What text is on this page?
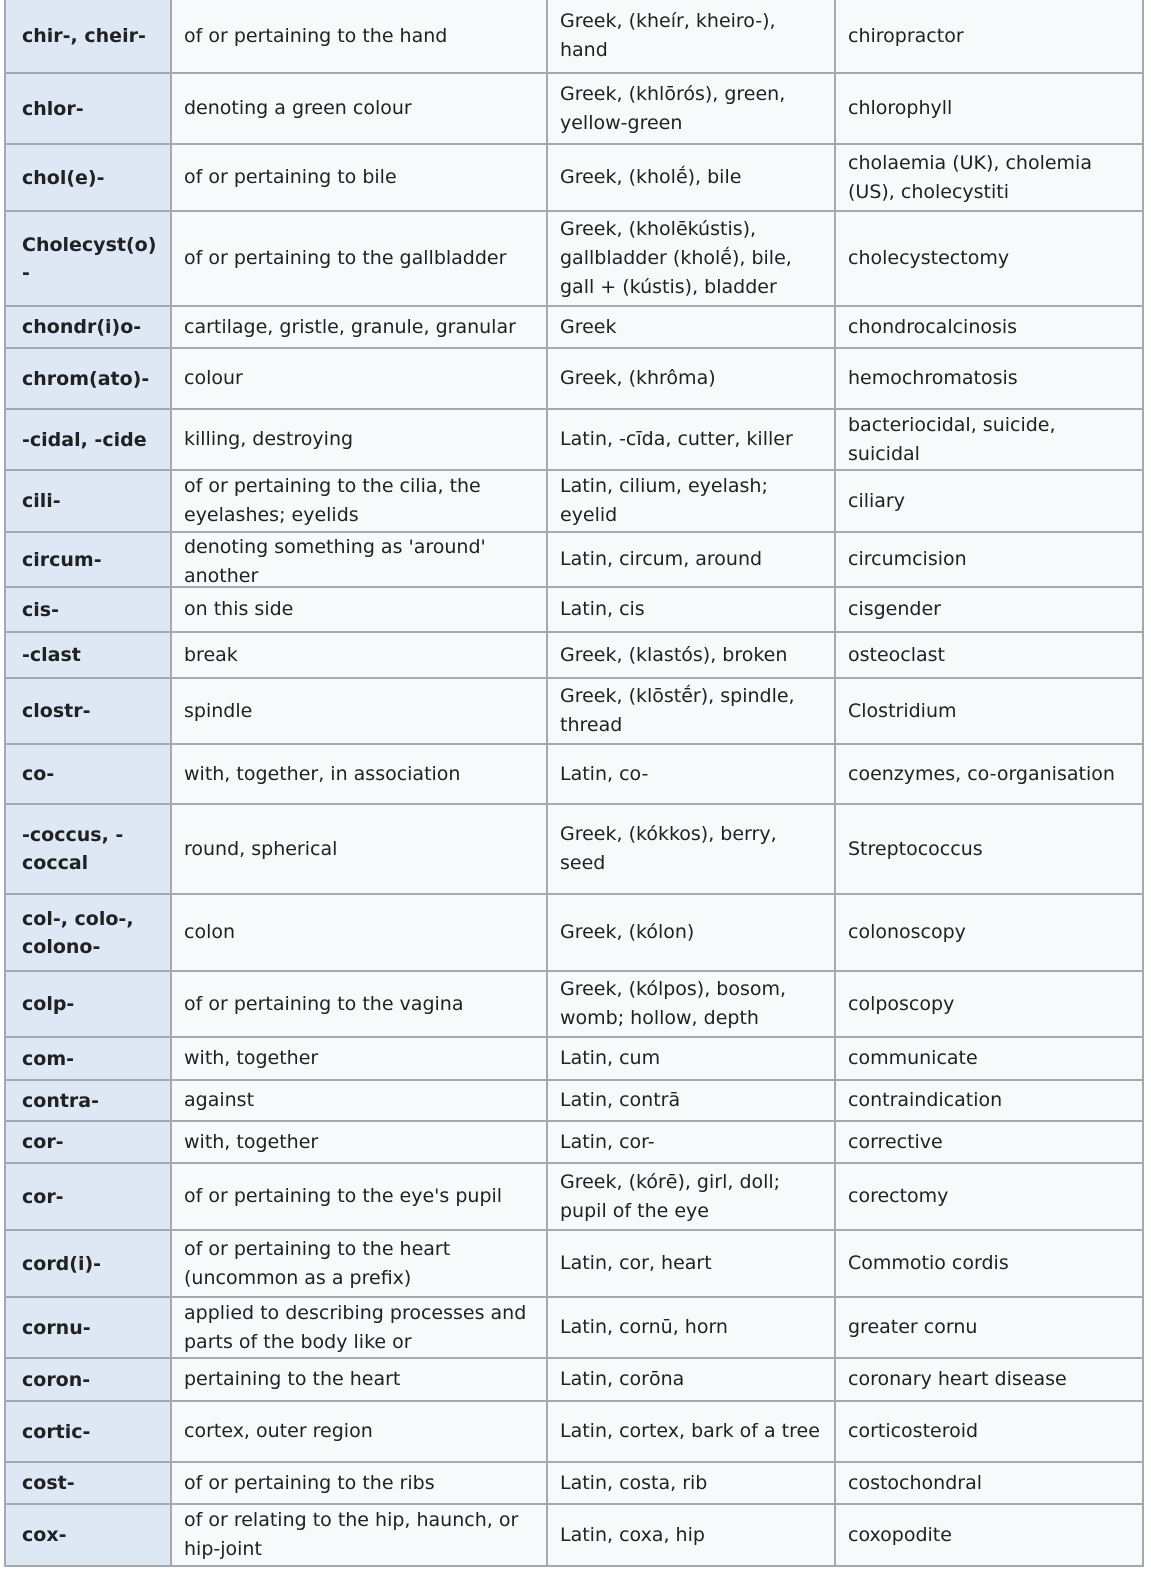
chir-, cheir-	of or pertaining to the hand	Greek, (kheír, kheiro-), hand	chiropractor

chlor-	denoting a green colour	Greek, (khlōrós), green, yellow-green	chlorophyll

chol(e)-	of or pertaining to bile	Greek, (kholḗ), bile	cholaemia (UK), cholemia (US), cholecystiti

Cholecyst(o)-	of or pertaining to the gallbladder	Greek, (kholēkústis), gallbladder (kholḗ), bile, gall + (kústis), bladder	cholecystectomy

chondr(i)o-	cartilage, gristle, granule, granular	Greek	chondrocalcinosis

chrom(ato)-	colour	Greek, (khrôma)	hemochromatosis

-cidal, -cide	killing, destroying	Latin, -cīda, cutter, killer	bacteriocidal, suicide, suicidal

cili-	of or pertaining to the cilia, the eyelashes; eyelids	Latin, cilium, eyelash; eyelid	ciliary

circum-	denoting something as 'around' another	Latin, circum, around	circumcision

cis-	on this side	Latin, cis	cisgender

-clast	break	Greek, (klastós), broken	osteoclast

clostr-	spindle	Greek, (klōstḗr), spindle, thread	Clostridium

co-	with, together, in association	Latin, co-	coenzymes, co-organisation

-coccus, -coccal	round, spherical	Greek, (kókkos), berry, seed	Streptococcus

col-, colo-, colono-	colon	Greek, (kólon)	colonoscopy

colp-	of or pertaining to the vagina	Greek, (kólpos), bosom, womb; hollow, depth	colposcopy

com-	with, together	Latin, cum	communicate

contra-	against	Latin, contrā	contraindication

cor-	with, together	Latin, cor-	corrective

cor-	of or pertaining to the eye's pupil	Greek, (kórē), girl, doll; pupil of the eye	corectomy

cord(i)-	of or pertaining to the heart (uncommon as a prefix)	Latin, cor, heart	Commotio cordis

cornu-	applied to describing processes and parts of the body like or	Latin, cornū, horn	greater cornu

coron-	pertaining to the heart	Latin, corōna	coronary heart disease

cortic-	cortex, outer region	Latin, cortex, bark of a tree	corticosteroid

cost-	of or pertaining to the ribs	Latin, costa, rib	costochondral

cox-	of or relating to the hip, haunch, or hip-joint	Latin, coxa, hip	coxopodite
